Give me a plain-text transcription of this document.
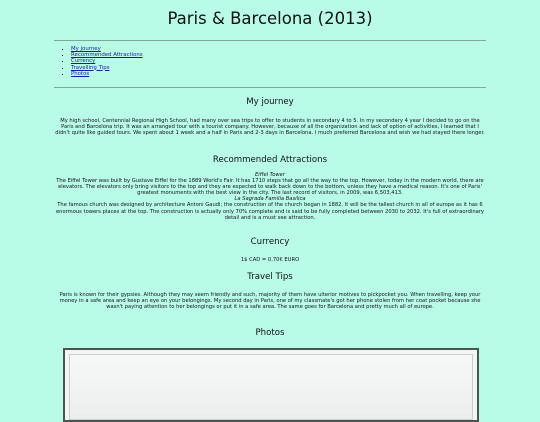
Paris & Barcelona (2013)
▪ My journey
▪ Recommended Attractions
▪ Currency
▪ Travelling Tips
▪ Photos
My journey

My high school, Centennial Regional High School, had many over sea trips to offer to students in secondary 4 to 5. In my secondary 4 year I decided to go on the Paris and Barcelona trip. It was an arranged tour with a tourist company. However, because of all the organization and lack of option of activities, I learned that I didn't quite like guided tours. We spent about 1 week and a half in Paris and 2-3 days in Barcelona. I much preferred Barcelona and wish we had stayed there longer.

Recommended Attractions
Eiffel Tower
The Eiffel Tower was built by Gustave Eiffel for the 1889 World's Fair. It has 1710 steps that go all the way to the top. However, today in the modern world, there are elevators. The elevators only bring visitors to the top and they are expected to walk back down to the bottom, unless they have a medical reason. It's one of Paris' greatest monuments with the best view in the city. The last record of visitors, in 2009, was 6,503,413.
La Sagrada Familia Basilica
The famous church was designed by architecture Antoni Gaudi; the construction of the church began in 1882. It will be the tallest church in all of europe as it has 6 enormous towers places at the top. The construction is actually only 70% complete and is said to be fully completed between 2030 to 2032. It's full of extraordinary detail and is a must see attraction.
Currency

1$ CAD = 0.70€ EURO

Travel Tips

Paris is known for their gypsies. Although they may seem friendly and such, majority of them have ulterior motives to pickpocket you. When travelling, keep your money in a safe area and keep an eye on your belongings. My second day in Paris, one of my classmate's got her phone stolen from her coat pocket because she wasn't paying attention to her belongings or put it in a safe area. The same goes for Barcelona and pretty much all of europe.

Photos
